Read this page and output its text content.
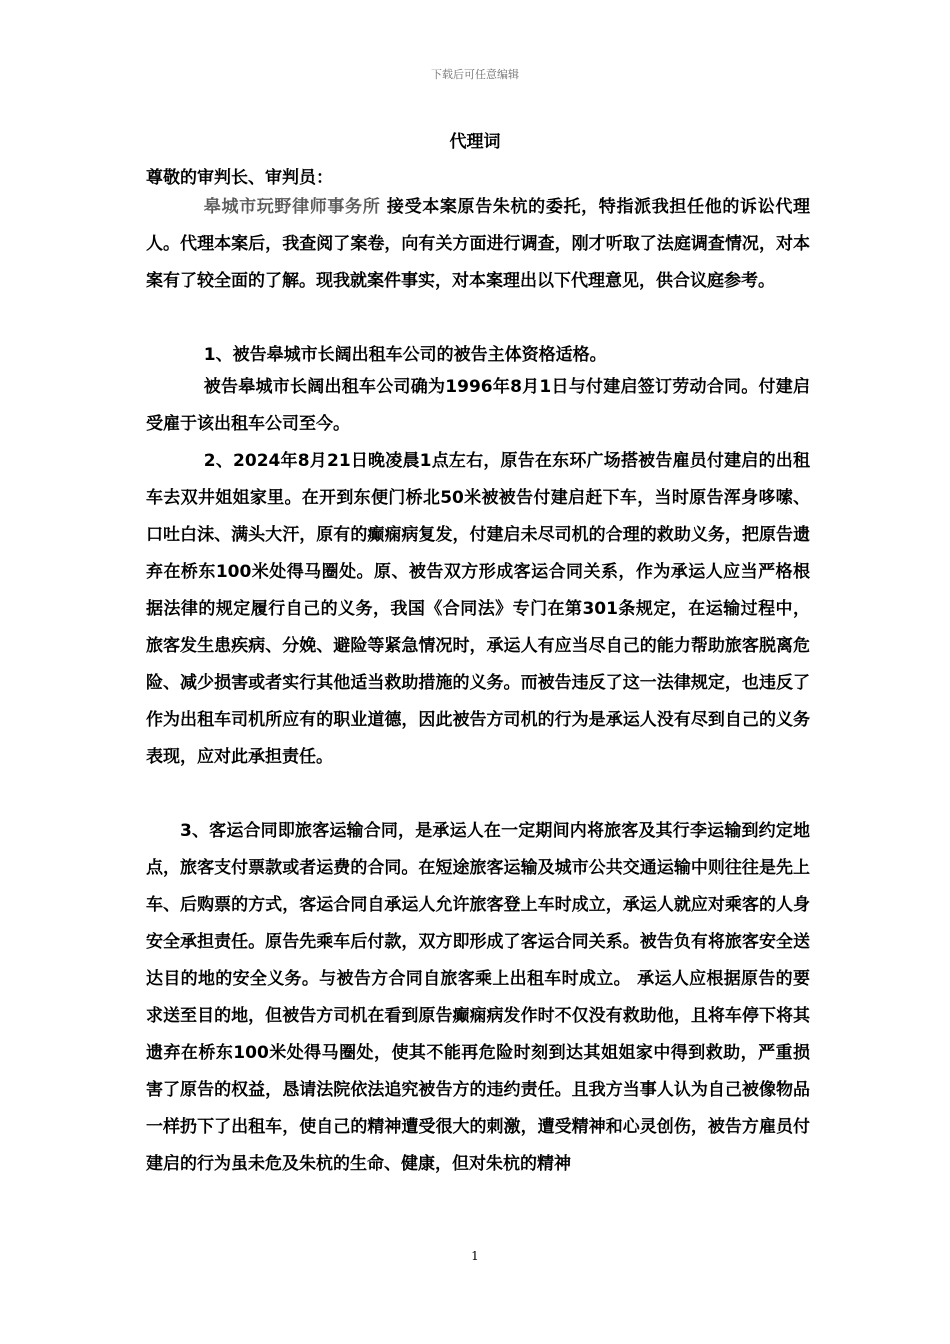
下载后可任意编辑
代理词
尊敬的审判长、审判员：

皋城市玩野律师事务所 接受本案原告朱杭的委托，特指派我担任他的诉讼代理人。代理本案后，我查阅了案卷，向有关方面进行调查，刚才听取了法庭调查情况，对本案有了较全面的了解。现我就案件事实，对本案理出以下代理意见，供合议庭参考。

1、被告皋城市长阔出租车公司的被告主体资格适格。

被告皋城市长阔出租车公司确为1996年8月1日与付建启签订劳动合同。付建启受雇于该出租车公司至今。

2、2024年8月21日晚凌晨1点左右，原告在东环广场搭被告雇员付建启的出租车去双井姐姐家里。在开到东便门桥北50米被被告付建启赶下车，当时原告浑身哆嗦、口吐白沫、满头大汗，原有的癫痫病复发，付建启未尽司机的合理的救助义务，把原告遗弃在桥东100米处得马圈处。原、被告双方形成客运合同关系，作为承运人应当严格根据法律的规定履行自己的义务，我国《合同法》专门在第301条规定，在运输过程中，旅客发生患疾病、分娩、避险等紧急情况时，承运人有应当尽自己的能力帮助旅客脱离危险、减少损害或者实行其他适当救助措施的义务。而被告违反了这一法律规定，也违反了作为出租车司机所应有的职业道德，因此被告方司机的行为是承运人没有尽到自己的义务表现，应对此承担责任。

3、客运合同即旅客运输合同，是承运人在一定期间内将旅客及其行李运输到约定地点，旅客支付票款或者运费的合同。在短途旅客运输及城市公共交通运输中则往往是先上车、后购票的方式，客运合同自承运人允许旅客登上车时成立，承运人就应对乘客的人身安全承担责任。原告先乘车后付款，双方即形成了客运合同关系。被告负有将旅客安全送达目的地的安全义务。与被告方合同自旅客乘上出租车时成立。 承运人应根据原告的要求送至目的地，但被告方司机在看到原告癫痫病发作时不仅没有救助他，且将车停下将其遗弃在桥东100米处得马圈处，使其不能再危险时刻到达其姐姐家中得到救助，严重损害了原告的权益，恳请法院依法追究被告方的违约责任。且我方当事人认为自己被像物品一样扔下了出租车，使自己的精神遭受很大的刺激，遭受精神和心灵创伤，被告方雇员付建启的行为虽未危及朱杭的生命、健康，但对朱杭的精神

1
